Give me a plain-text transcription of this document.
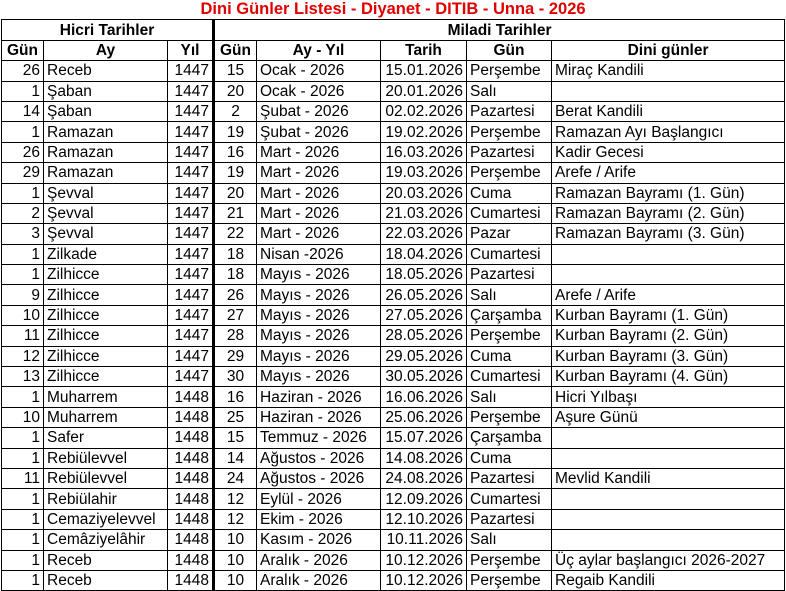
Dini Günler Listesi - Diyanet - DITIB - Unna - 2026							
Hicri Tarihler			Miladi Tarihler				
Gün	Ay	Yıl	Gün	Ay - Yıl	Tarih	Gün	Dini günler
26	Receb	1447	15	Ocak - 2026	15.01.2026	Perşembe	Miraç Kandili
1	Şaban	1447	20	Ocak - 2026	20.01.2026	Salı	
14	Şaban	1447	2	Şubat - 2026	02.02.2026	Pazartesi	Berat Kandili
1	Ramazan	1447	19	Şubat - 2026	19.02.2026	Perşembe	Ramazan Ayı Başlangıcı
26	Ramazan	1447	16	Mart - 2026	16.03.2026	Pazartesi	Kadir Gecesi
29	Ramazan	1447	19	Mart - 2026	19.03.2026	Perşembe	Arefe / Arife
1	Şevval	1447	20	Mart - 2026	20.03.2026	Cuma	Ramazan Bayramı (1. Gün)
2	Şevval	1447	21	Mart - 2026	21.03.2026	Cumartesi	Ramazan Bayramı (2. Gün)
3	Şevval	1447	22	Mart - 2026	22.03.2026	Pazar	Ramazan Bayramı (3. Gün)
1	Zilkade	1447	18	Nisan -2026	18.04.2026	Cumartesi	
1	Zilhicce	1447	18	Mayıs - 2026	18.05.2026	Pazartesi	
9	Zilhicce	1447	26	Mayıs - 2026	26.05.2026	Salı	Arefe / Arife
10	Zilhicce	1447	27	Mayıs - 2026	27.05.2026	Çarşamba	Kurban Bayramı (1. Gün)
11	Zilhicce	1447	28	Mayıs - 2026	28.05.2026	Perşembe	Kurban Bayramı (2. Gün)
12	Zilhicce	1447	29	Mayıs - 2026	29.05.2026	Cuma	Kurban Bayramı (3. Gün)
13	Zilhicce	1447	30	Mayıs - 2026	30.05.2026	Cumartesi	Kurban Bayramı (4. Gün)
1	Muharrem	1448	16	Haziran - 2026	16.06.2026	Salı	Hicri Yılbaşı
10	Muharrem	1448	25	Haziran - 2026	25.06.2026	Perşembe	Aşure Günü
1	Safer	1448	15	Temmuz - 2026	15.07.2026	Çarşamba	
1	Rebiülevvel	1448	14	Ağustos - 2026	14.08.2026	Cuma	
11	Rebiülevvel	1448	24	Ağustos - 2026	24.08.2026	Pazartesi	Mevlid Kandili
1	Rebiülahir	1448	12	Eylül - 2026	12.09.2026	Cumartesi	
1	Cemaziyelevvel	1448	12	Ekim - 2026	12.10.2026	Pazartesi	
1	Cemâziyelâhir	1448	10	Kasım - 2026	10.11.2026	Salı	
1	Receb	1448	10	Aralık - 2026	10.12.2026	Perşembe	Üç aylar başlangıcı 2026-2027
1	Receb	1448	10	Aralık - 2026	10.12.2026	Perşembe	Regaib Kandili
